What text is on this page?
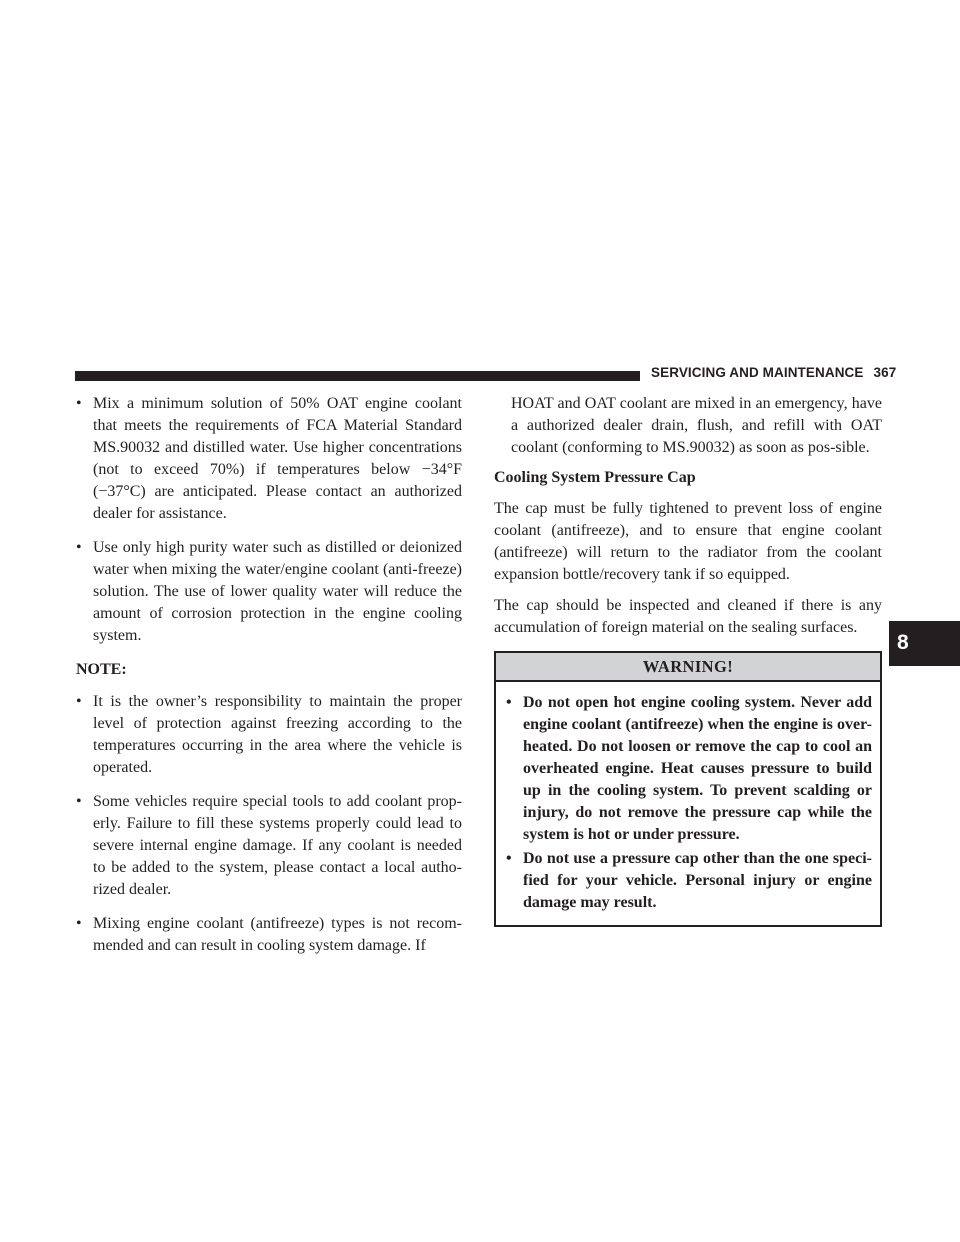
SERVICING AND MAINTENANCE 367
8
• Mix a minimum solution of 50% OAT engine coolant that meets the requirements of FCA Material Standard MS.90032 and distilled water. Use higher concentrations (not to exceed 70%) if temperatures below −34°F (−37°C) are anticipated. Please contact an authorized dealer for assistance.
• Use only high purity water such as distilled or deionized water when mixing the water/engine coolant (anti-freeze) solution. The use of lower quality water will reduce the amount of corrosion protection in the engine cooling system.
NOTE:
• It is the owner’s responsibility to maintain the proper level of protection against freezing according to the temperatures occurring in the area where the vehicle is operated.
• Some vehicles require special tools to add coolant prop-erly. Failure to fill these systems properly could lead to severe internal engine damage. If any coolant is needed to be added to the system, please contact a local autho-rized dealer.
• Mixing engine coolant (antifreeze) types is not recom-mended and can result in cooling system damage. If
HOAT and OAT coolant are mixed in an emergency, have a authorized dealer drain, flush, and refill with OAT coolant (conforming to MS.90032) as soon as pos-sible.
Cooling System Pressure Cap
The cap must be fully tightened to prevent loss of engine coolant (antifreeze), and to ensure that engine coolant (antifreeze) will return to the radiator from the coolant expansion bottle/recovery tank if so equipped.
The cap should be inspected and cleaned if there is any accumulation of foreign material on the sealing surfaces.
WARNING!
• Do not open hot engine cooling system. Never add engine coolant (antifreeze) when the engine is over-heated. Do not loosen or remove the cap to cool an overheated engine. Heat causes pressure to build up in the cooling system. To prevent scalding or injury, do not remove the pressure cap while the system is hot or under pressure.
• Do not use a pressure cap other than the one speci-fied for your vehicle. Personal injury or engine damage may result.
